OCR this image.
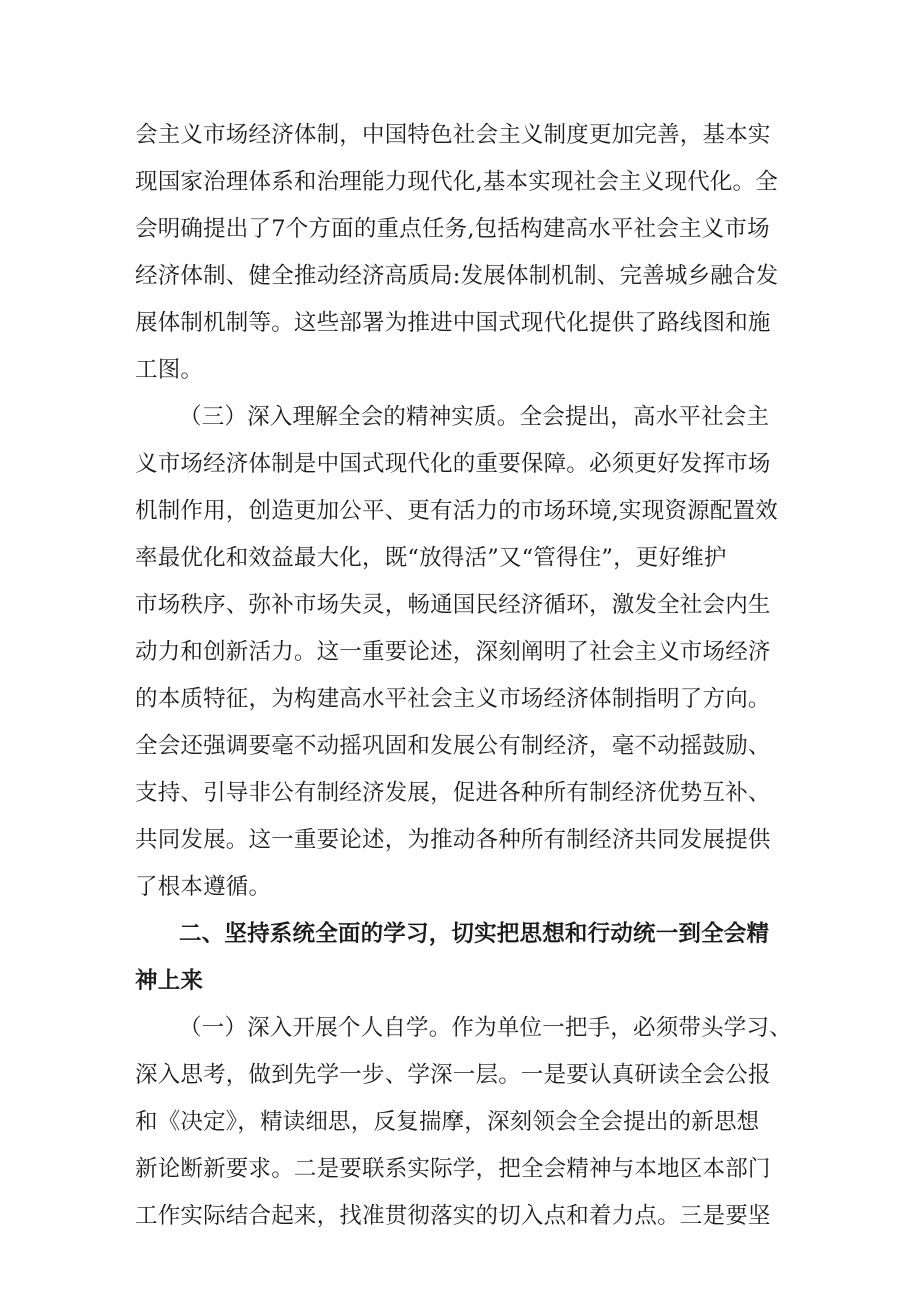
会主义市场经济体制，中国特色社会主义制度更加完善，基本实
现国家治理体系和治理能力现代化,基本实现社会主义现代化。全
会明确提出了7个方面的重点任务,包括构建高水平社会主义市场
经济体制、健全推动经济高质局:发展体制机制、完善城乡融合发
展体制机制等。这些部署为推进中国式现代化提供了路线图和施
工图。
（三）深入理解全会的精神实质。全会提出，高水平社会主
义市场经济体制是中国式现代化的重要保障。必须更好发挥市场
机制作用，创造更加公平、更有活力的市场环境,实现资源配置效
率最优化和效益最大化，既“放得活”又“管得住”，更好维护
市场秩序、弥补市场失灵，畅通国民经济循环，激发全社会内生
动力和创新活力。这一重要论述，深刻阐明了社会主义市场经济
的本质特征，为构建高水平社会主义市场经济体制指明了方向。
全会还强调要毫不动摇巩固和发展公有制经济，毫不动摇鼓励、
支持、引导非公有制经济发展，促进各种所有制经济优势互补、
共同发展。这一重要论述，为推动各种所有制经济共同发展提供
了根本遵循。
二、坚持系统全面的学习，切实把思想和行动统一到全会精
神上来
（一）深入开展个人自学。作为单位一把手，必须带头学习、
深入思考，做到先学一步、学深一层。一是要认真研读全会公报
和《决定》，精读细思，反复揣摩，深刻领会全会提出的新思想
新论断新要求。二是要联系实际学，把全会精神与本地区本部门
工作实际结合起来，找准贯彻落实的切入点和着力点。三是要坚
